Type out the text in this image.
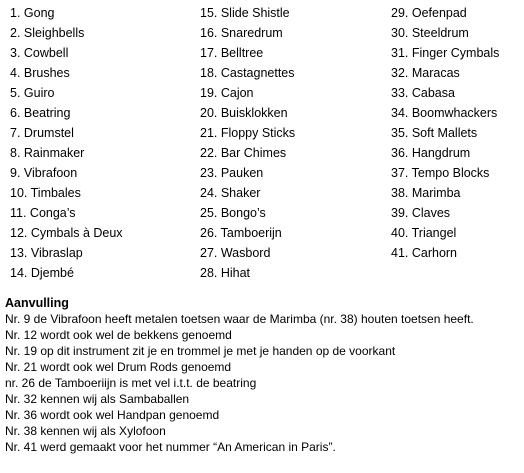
1. Gong
2. Sleighbells
3. Cowbell
4. Brushes
5. Guiro
6. Beatring
7. Drumstel
8. Rainmaker
9. Vibrafoon
10. Timbales
11. Conga’s
12. Cymbals à Deux
13. Vibraslap
14. Djembé
15. Slide Shistle
16. Snaredrum
17. Belltree
18. Castagnettes
19. Cajon
20. Buisklokken
21. Floppy Sticks
22. Bar Chimes
23. Pauken
24. Shaker
25. Bongo’s
26. Tamboerijn
27. Wasbord
28. Hihat
29. Oefenpad
30. Steeldrum
31. Finger Cymbals
32. Maracas
33. Cabasa
34. Boomwhackers
35. Soft Mallets
36. Hangdrum
37. Tempo Blocks
38. Marimba
39. Claves
40. Triangel
41. Carhorn
Aanvulling
Nr. 9 de Vibrafoon heeft metalen toetsen waar de Marimba (nr. 38) houten toetsen heeft.
Nr. 12 wordt ook wel de bekkens genoemd
Nr. 19 op dit instrument zit je en trommel je met je handen op de voorkant
Nr. 21 wordt ook wel Drum Rods genoemd
nr. 26 de Tamboeriijn is met vel i.t.t. de beatring
Nr. 32 kennen wij als Sambaballen
Nr. 36 wordt ook wel Handpan genoemd
Nr. 38 kennen wij als Xylofoon
Nr. 41 werd gemaakt voor het nummer “An American in Paris”.
